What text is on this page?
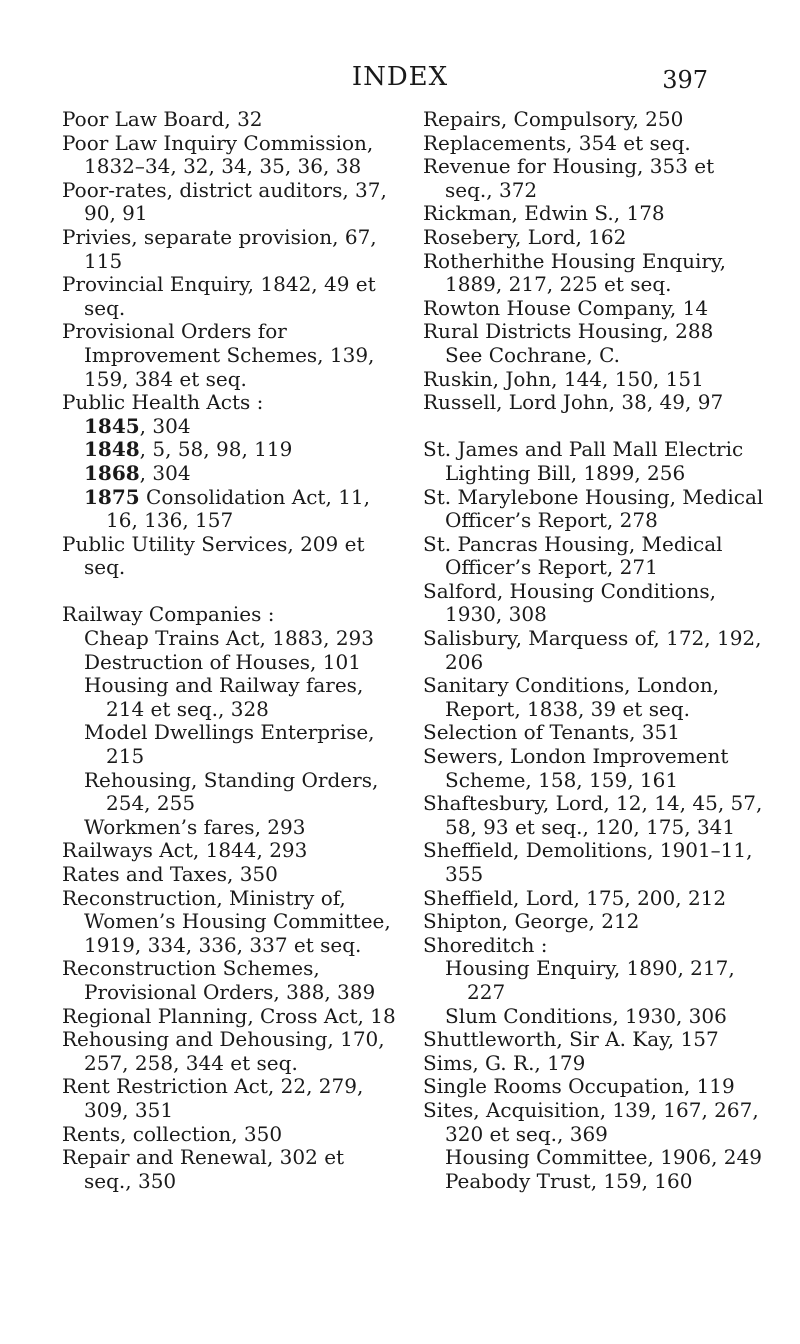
INDEX	397
Poor Law Board, 32
Poor Law Inquiry Commission, 1832–34, 32, 34, 35, 36, 38
Poor-rates, district auditors, 37, 90, 91
Privies, separate provision, 67, 115
Provincial Enquiry, 1842, 49 et seq.
Provisional Orders for Improvement Schemes, 139, 159, 384 et seq.
Public Health Acts :
1845, 304
1848, 5, 58, 98, 119
1868, 304
1875 Consolidation Act, 11, 16, 136, 157
Public Utility Services, 209 et seq.
Railway Companies :
Cheap Trains Act, 1883, 293
Destruction of Houses, 101
Housing and Railway fares, 214 et seq., 328
Model Dwellings Enterprise, 215
Rehousing, Standing Orders, 254, 255
Workmen’s fares, 293
Railways Act, 1844, 293
Rates and Taxes, 350
Reconstruction, Ministry of, Women’s Housing Committee, 1919, 334, 336, 337 et seq.
Reconstruction Schemes, Provisional Orders, 388, 389
Regional Planning, Cross Act, 18
Rehousing and Dehousing, 170, 257, 258, 344 et seq.
Rent Restriction Act, 22, 279, 309, 351
Rents, collection, 350
Repair and Renewal, 302 et seq., 350
Repairs, Compulsory, 250
Replacements, 354 et seq.
Revenue for Housing, 353 et seq., 372
Rickman, Edwin S., 178
Rosebery, Lord, 162
Rotherhithe Housing Enquiry, 1889, 217, 225 et seq.
Rowton House Company, 14
Rural Districts Housing, 288
See Cochrane, C.
Ruskin, John, 144, 150, 151
Russell, Lord John, 38, 49, 97
St. James and Pall Mall Electric Lighting Bill, 1899, 256
St. Marylebone Housing, Medical Officer’s Report, 278
St. Pancras Housing, Medical Officer’s Report, 271
Salford, Housing Conditions, 1930, 308
Salisbury, Marquess of, 172, 192, 206
Sanitary Conditions, London, Report, 1838, 39 et seq.
Selection of Tenants, 351
Sewers, London Improvement Scheme, 158, 159, 161
Shaftesbury, Lord, 12, 14, 45, 57, 58, 93 et seq., 120, 175, 341
Sheffield, Demolitions, 1901–11, 355
Sheffield, Lord, 175, 200, 212
Shipton, George, 212
Shoreditch :
Housing Enquiry, 1890, 217, 227
Slum Conditions, 1930, 306
Shuttleworth, Sir A. Kay, 157
Sims, G. R., 179
Single Rooms Occupation, 119
Sites, Acquisition, 139, 167, 267, 320 et seq., 369
Housing Committee, 1906, 249
Peabody Trust, 159, 160
